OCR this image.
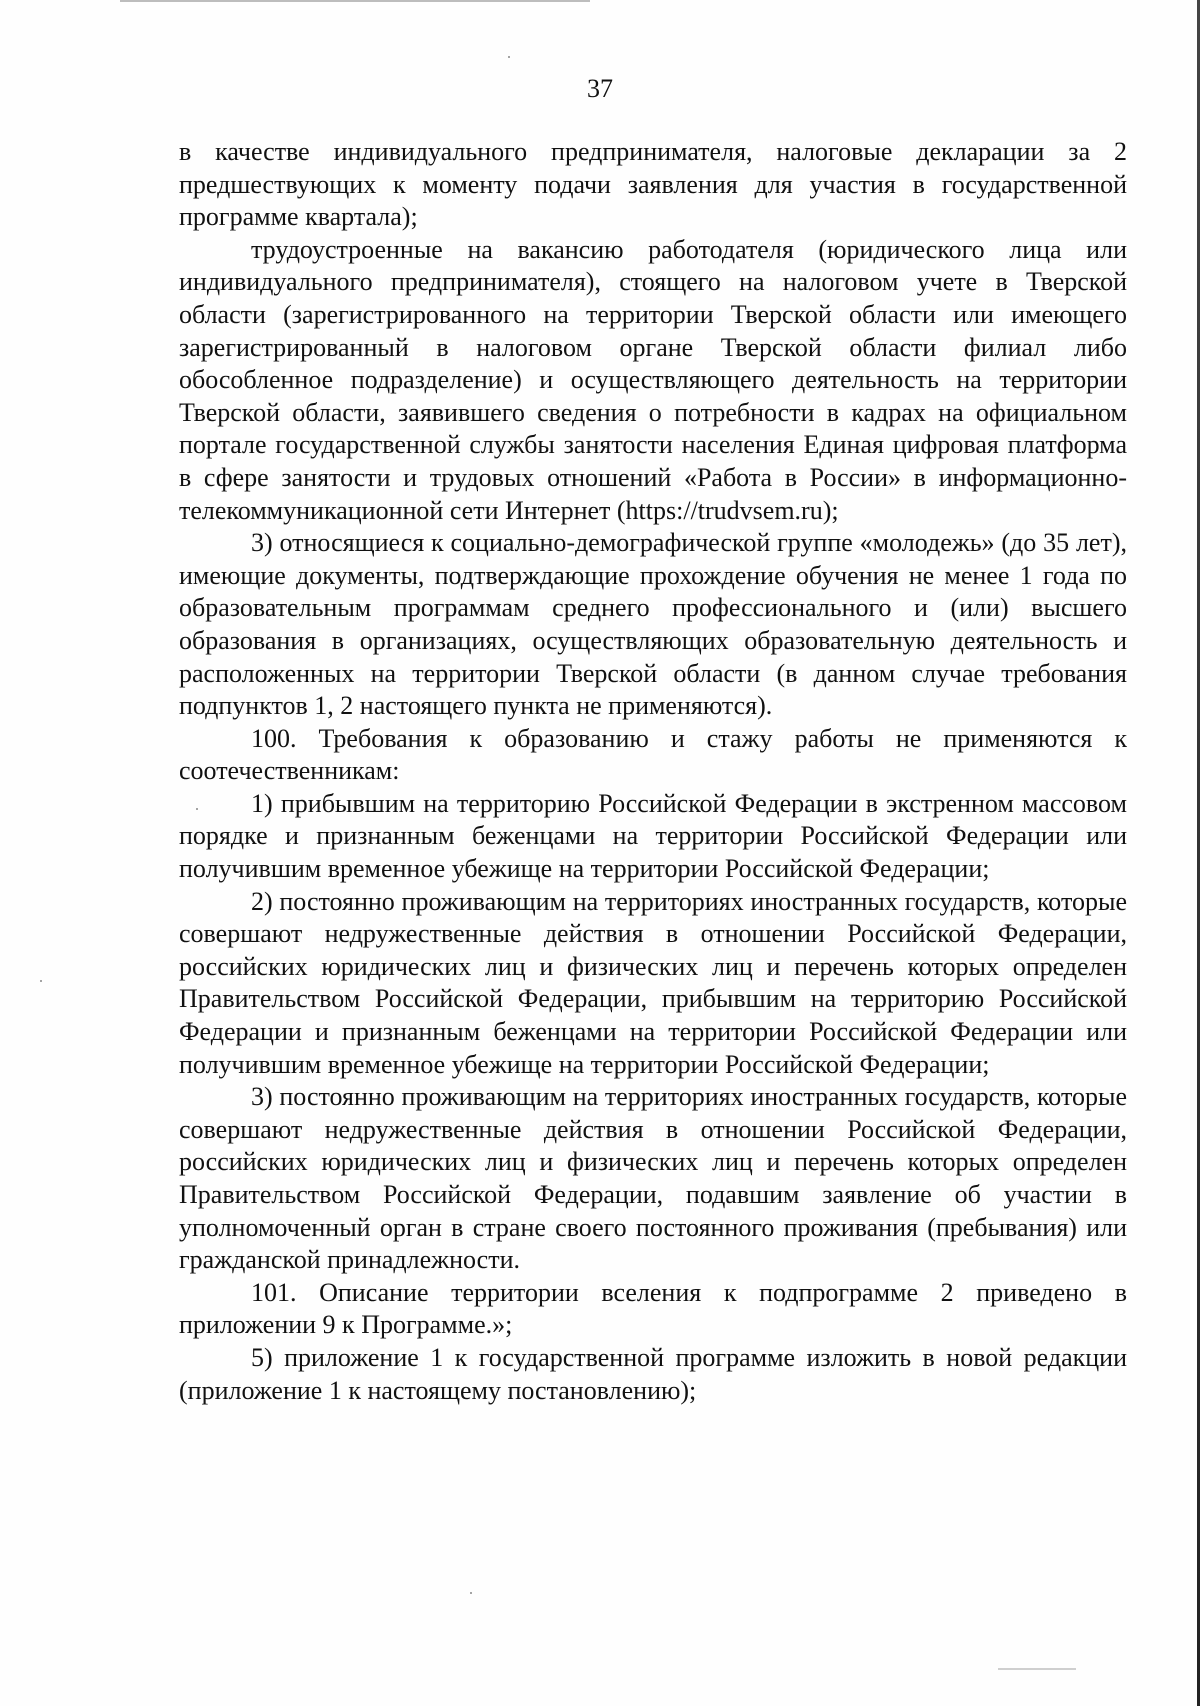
37

в качестве индивидуального предпринимателя, налоговые декларации за 2 предшествующих к моменту подачи заявления для участия в государственной программе квартала);

трудоустроенные на вакансию работодателя (юридического лица или индивидуального предпринимателя), стоящего на налоговом учете в Тверской области (зарегистрированного на территории Тверской области или имеющего зарегистрированный в налоговом органе Тверской области филиал либо обособленное подразделение) и осуществляющего деятельность на территории Тверской области, заявившего сведения о потребности в кадрах на официальном портале государственной службы занятости населения Единая цифровая платформа в сфере занятости и трудовых отношений «Работа в России» в информационно-телекоммуникационной сети Интернет (https://trudvsem.ru);

3) относящиеся к социально-демографической группе «молодежь» (до 35 лет), имеющие документы, подтверждающие прохождение обучения не менее 1 года по образовательным программам среднего профессионального и (или) высшего образования в организациях, осуществляющих образовательную деятельность и расположенных на территории Тверской области (в данном случае требования подпунктов 1, 2 настоящего пункта не применяются).

100. Требования к образованию и стажу работы не применяются к соотечественникам:

1) прибывшим на территорию Российской Федерации в экстренном массовом порядке и признанным беженцами на территории Российской Федерации или получившим временное убежище на территории Российской Федерации;

2) постоянно проживающим на территориях иностранных государств, которые совершают недружественные действия в отношении Российской Федерации, российских юридических лиц и физических лиц и перечень которых определен Правительством Российской Федерации, прибывшим на территорию Российской Федерации и признанным беженцами на территории Российской Федерации или получившим временное убежище на территории Российской Федерации;

3) постоянно проживающим на территориях иностранных государств, которые совершают недружественные действия в отношении Российской Федерации, российских юридических лиц и физических лиц и перечень которых определен Правительством Российской Федерации, подавшим заявление об участии в уполномоченный орган в стране своего постоянного проживания (пребывания) или гражданской принадлежности.

101. Описание территории вселения к подпрограмме 2 приведено в приложении 9 к Программе.»;

5) приложение 1 к государственной программе изложить в новой редакции (приложение 1 к настоящему постановлению);
